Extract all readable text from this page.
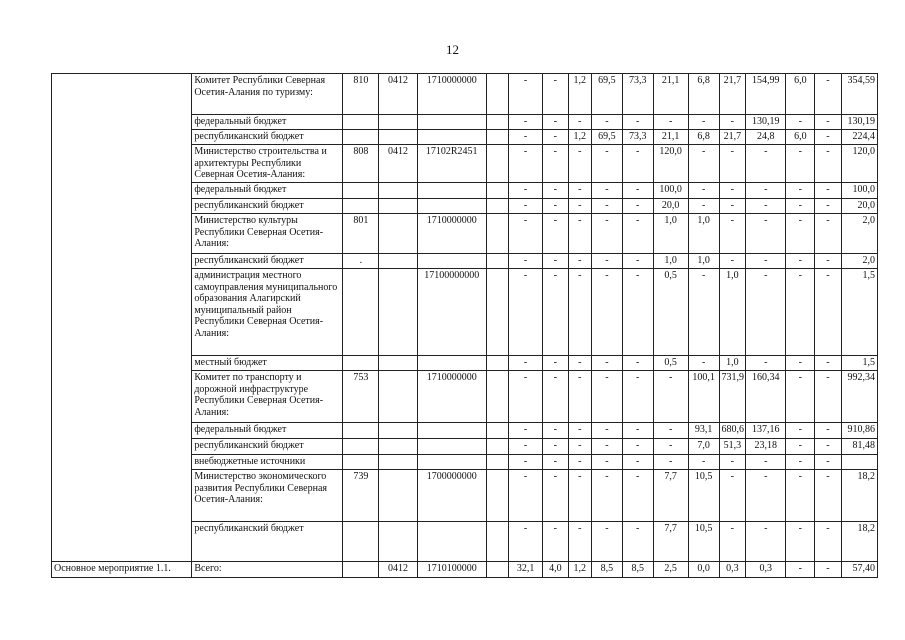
12
	Комитет Республики Северная Осетия-Алания по туризму:	810	0412	1710000000		-	-	1,2	69,5	73,3	21,1	6,8	21,7	154,99	6,0	-	354,59
	федеральный бюджет					-	-	-	-	-	-	-	-	130,19	-	-	130,19
	республиканский бюджет					-	-	1,2	69,5	73,3	21,1	6,8	21,7	24,8	6,0	-	224,4
	Министерство строительства и архитектуры Республики Северная Осетия-Алания:	808	0412	17102R2451		-	-	-	-	-	120,0	-	-	-	-	-	120,0
	федеральный бюджет					-	-	-	-	-	100,0	-	-	-	-	-	100,0
	республиканский бюджет					-	-	-	-	-	20,0	-	-	-	-	-	20,0
	Министерство культуры Республики Северная Осетия-Алания:	801		1710000000		-	-	-	-	-	1,0	1,0	-	-	-	-	2,0
	республиканский бюджет	.				-	-	-	-	-	1,0	1,0	-	-	-	-	2,0
	администрация местного самоуправления муниципального образования Алагирский муниципальный район Республики Северная Осетия-Алания:			17100000000		-	-	-	-	-	0,5	-	1,0	-	-	-	1,5
	местный бюджет					-	-	-	-	-	0,5	-	1,0	-	-	-	1,5
	Комитет по транспорту и дорожной инфраструктуре Республики Северная Осетия-Алания:	753		1710000000		-	-	-	-	-	-	100,1	731,9	160,34	-	-	992,34
	федеральный бюджет					-	-	-	-	-	-	93,1	680,6	137,16	-	-	910,86
	республиканский бюджет					-	-	-	-	-	-	7,0	51,3	23,18	-	-	81,48
	внебюджетные источники					-	-	-	-	-	-	-	-	-	-	-	
	Министерство экономического развития Республики Северная Осетия-Алания:	739		1700000000		-	-	-	-	-	7,7	10,5	-	-	-	-	18,2
	республиканский бюджет					-	-	-	-	-	7,7	10,5	-	-	-	-	18,2
Основное мероприятие 1.1.	Всего:		0412	1710100000		32,1	4,0	1,2	8,5	8,5	2,5	0,0	0,3	0,3	-	-	57,40
